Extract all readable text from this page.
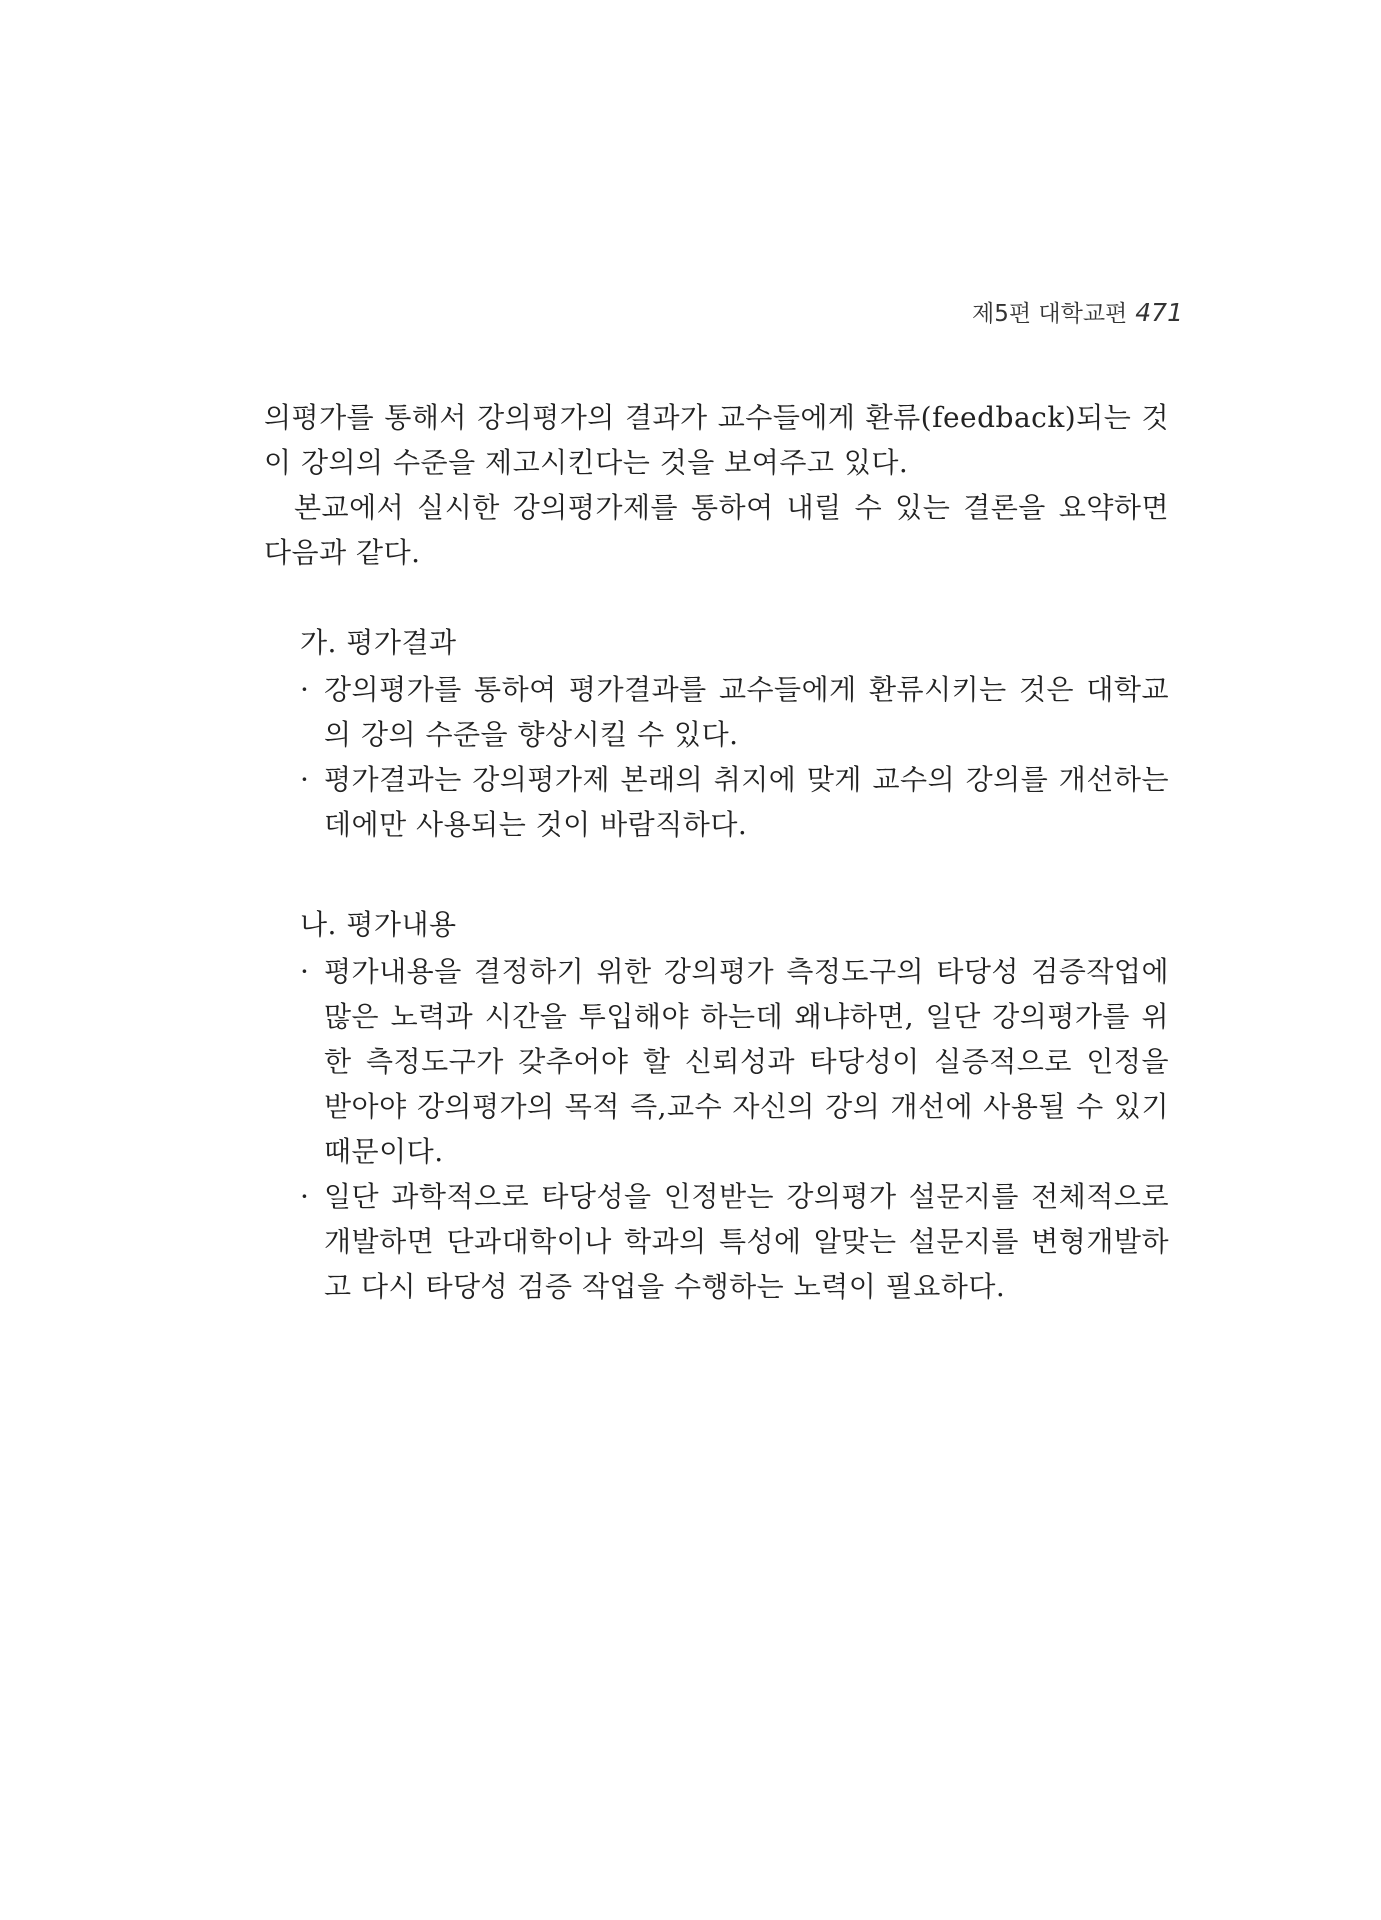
제5편 대학교편 471

의평가를 통해서 강의평가의 결과가 교수들에게 환류(feedback)되는 것이 강의의 수준을 제고시킨다는 것을 보여주고 있다.

본교에서 실시한 강의평가제를 통하여 내릴 수 있는 결론을 요약하면 다음과 같다.

가. 평가결과

· 강의평가를 통하여 평가결과를 교수들에게 환류시키는 것은 대학교의 강의 수준을 향상시킬 수 있다.
· 평가결과는 강의평가제 본래의 취지에 맞게 교수의 강의를 개선하는 데에만 사용되는 것이 바람직하다.

나. 평가내용

· 평가내용을 결정하기 위한 강의평가 측정도구의 타당성 검증작업에 많은 노력과 시간을 투입해야 하는데 왜냐하면, 일단 강의평가를 위한 측정도구가 갖추어야 할 신뢰성과 타당성이 실증적으로 인정을 받아야 강의평가의 목적 즉,교수 자신의 강의 개선에 사용될 수 있기 때문이다.
· 일단 과학적으로 타당성을 인정받는 강의평가 설문지를 전체적으로 개발하면 단과대학이나 학과의 특성에 알맞는 설문지를 변형개발하고 다시 타당성 검증 작업을 수행하는 노력이 필요하다.
